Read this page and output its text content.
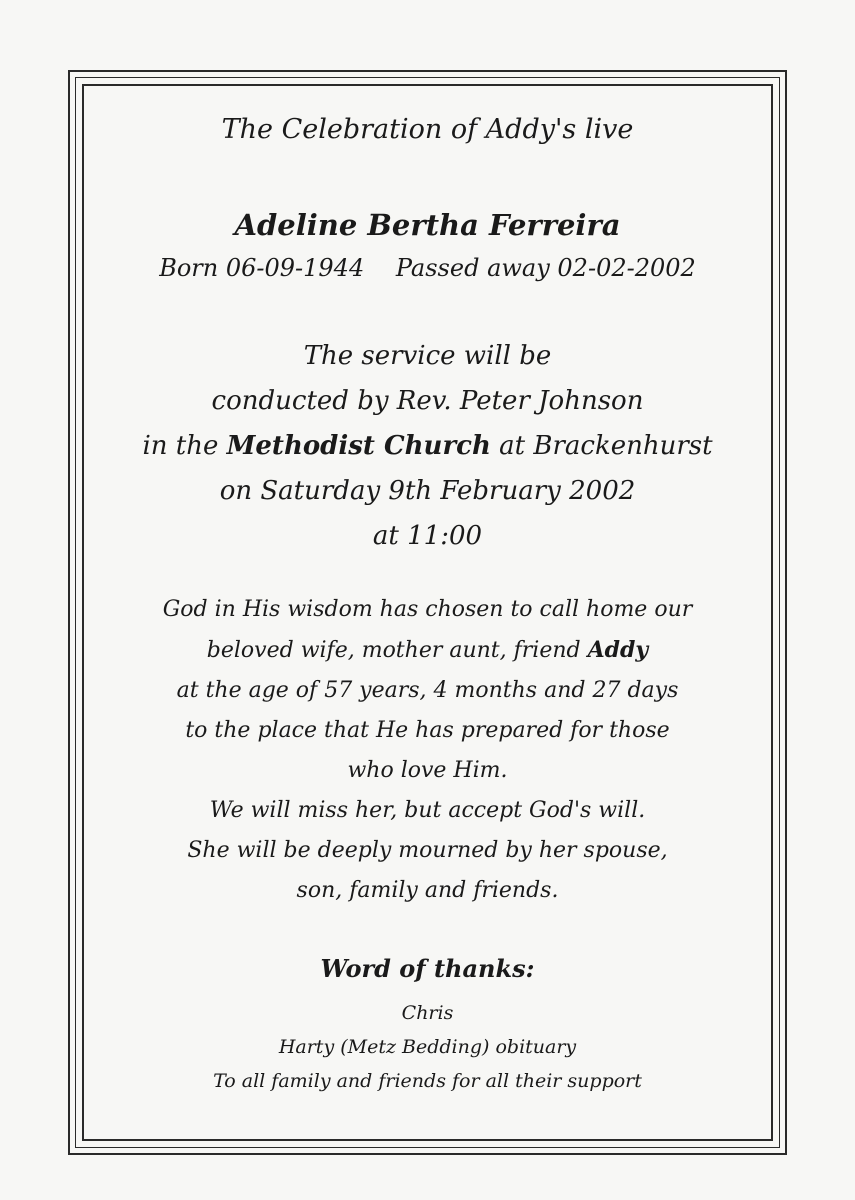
The Celebration of Addy's live
Adeline Bertha Ferreira
Born 06-09-1944 Passed away 02-02-2002
The service will be
conducted by Rev. Peter Johnson
in the Methodist Church at Brackenhurst
on Saturday 9th February 2002
at 11:00
God in His wisdom has chosen to call home our
beloved wife, mother aunt, friend Addy
at the age of 57 years, 4 months and 27 days
to the place that He has prepared for those
who love Him.
We will miss her, but accept God's will.
She will be deeply mourned by her spouse,
son, family and friends.
Word of thanks:
Chris
Harty (Metz Bedding) obituary
To all family and friends for all their support
